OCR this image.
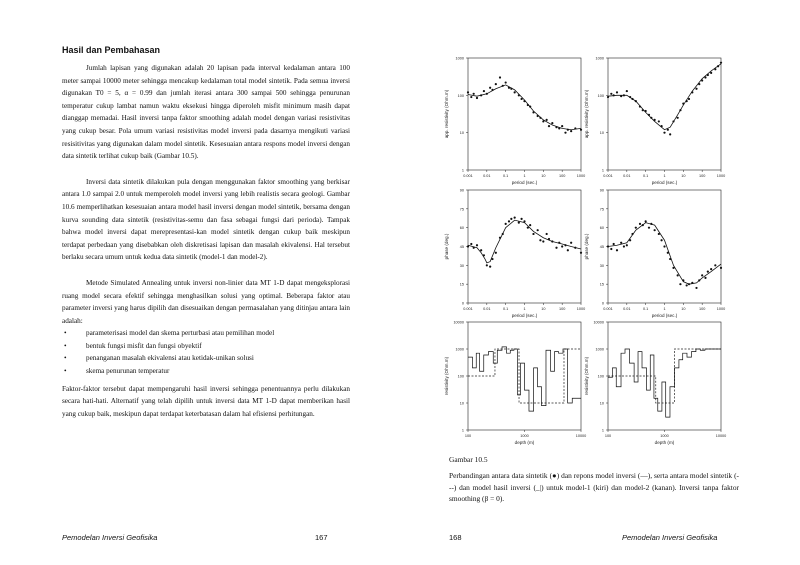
Hasil dan Pembahasan

Jumlah lapisan yang digunakan adalah 20 lapisan pada interval kedalaman antara 100 meter sampai 10000 meter sehingga mencakup kedalaman total model sintetik. Pada semua inversi digunakan T0 = 5, α = 0.99 dan jumlah iterasi antara 300 sampai 500 sehingga penurunan temperatur cukup lambat namun waktu eksekusi hingga diperoleh misfit minimum masih dapat dianggap memadai. Hasil inversi tanpa faktor smoothing adalah model dengan variasi resistivitas yang cukup besar. Pola umum variasi resistivitas model inversi pada dasarnya mengikuti variasi resisitivitas yang digunakan dalam model sintetik. Kesesuaian antara respons model inversi dengan data sintetik terlihat cukup baik (Gambar 10.5).

Inversi data sintetik dilakukan pula dengan menggunakan faktor smoothing yang berkisar antara 1.0 sampai 2.0 untuk memperoleh model inversi yang lebih realistis secara geologi. Gambar 10.6 memperlihatkan kesesuaian antara model hasil inversi dengan model sintetik, bersama dengan kurva sounding data sintetik (resistivitas-semu dan fasa sebagai fungsi dari perioda). Tampak bahwa model inversi dapat merepresentasi-kan model sintetik dengan cukup baik meskipun terdapat perbedaan yang disebabkan oleh diskretisasi lapisan dan masalah ekivalensi. Hal tersebut berlaku secara umum untuk kedua data sintetik (model-1 dan model-2).

Metode Simulated Annealing untuk inversi non-linier data MT 1-D dapat mengeksplorasi ruang model secara efektif sehingga menghasilkan solusi yang optimal. Beberapa faktor atau parameter inversi yang harus dipilih dan disesuaikan dengan permasalahan yang ditinjau antara lain adalah:

• parameterisasi model dan skema perturbasi atau pemilihan model
• bentuk fungsi misfit dan fungsi obyektif
• penanganan masalah ekivalensi atau ketidak-unikan solusi
• skema penurunan temperatur

Faktor-faktor tersebut dapat mempengaruhi hasil inversi sehingga penentuannya perlu dilakukan secara hati-hati. Alternatif yang telah dipilih untuk inversi data MT 1-D dapat memberikan hasil yang cukup baik, meskipun dapat terdapat keterbatasan dalam hal efisiensi perhitungan.

Pemodelan Inversi Geofisika	167
1000
100
10
1
0.001	0.01	0.1	1	10	100	1000
app. resistivity (Ohm.m)
period (sec.)
1000
100
10
1
0.001	0.01	0.1	1	10	100	1000
app. resistivity (Ohm.m)
period (sec.)
90
75
60
45
30
15
0
0.001	0.01	0.1	1	10	100	1000
phase (deg.)
period (sec.)
90
75
60
45
30
15
0
0.001	0.01	0.1	1	10	100	1000
phase (deg.)
period (sec.)
10000
1000
100
10
1
100	1000	10000
resistivity (Ohm.m)
depth (m)
10000
1000
100
10
1
100	1000	10000
resistivity (Ohm.m)
depth (m)
Gambar 10.5
Perbandingan antara data sintetik (●) dan repons model inversi (—), serta antara model sintetik (---) dan model hasil inversi (_|) untuk model-1 (kiri) dan model-2 (kanan). Inversi tanpa faktor smoothing (β = 0).
168	Pemodelan Inversi Geofisika
